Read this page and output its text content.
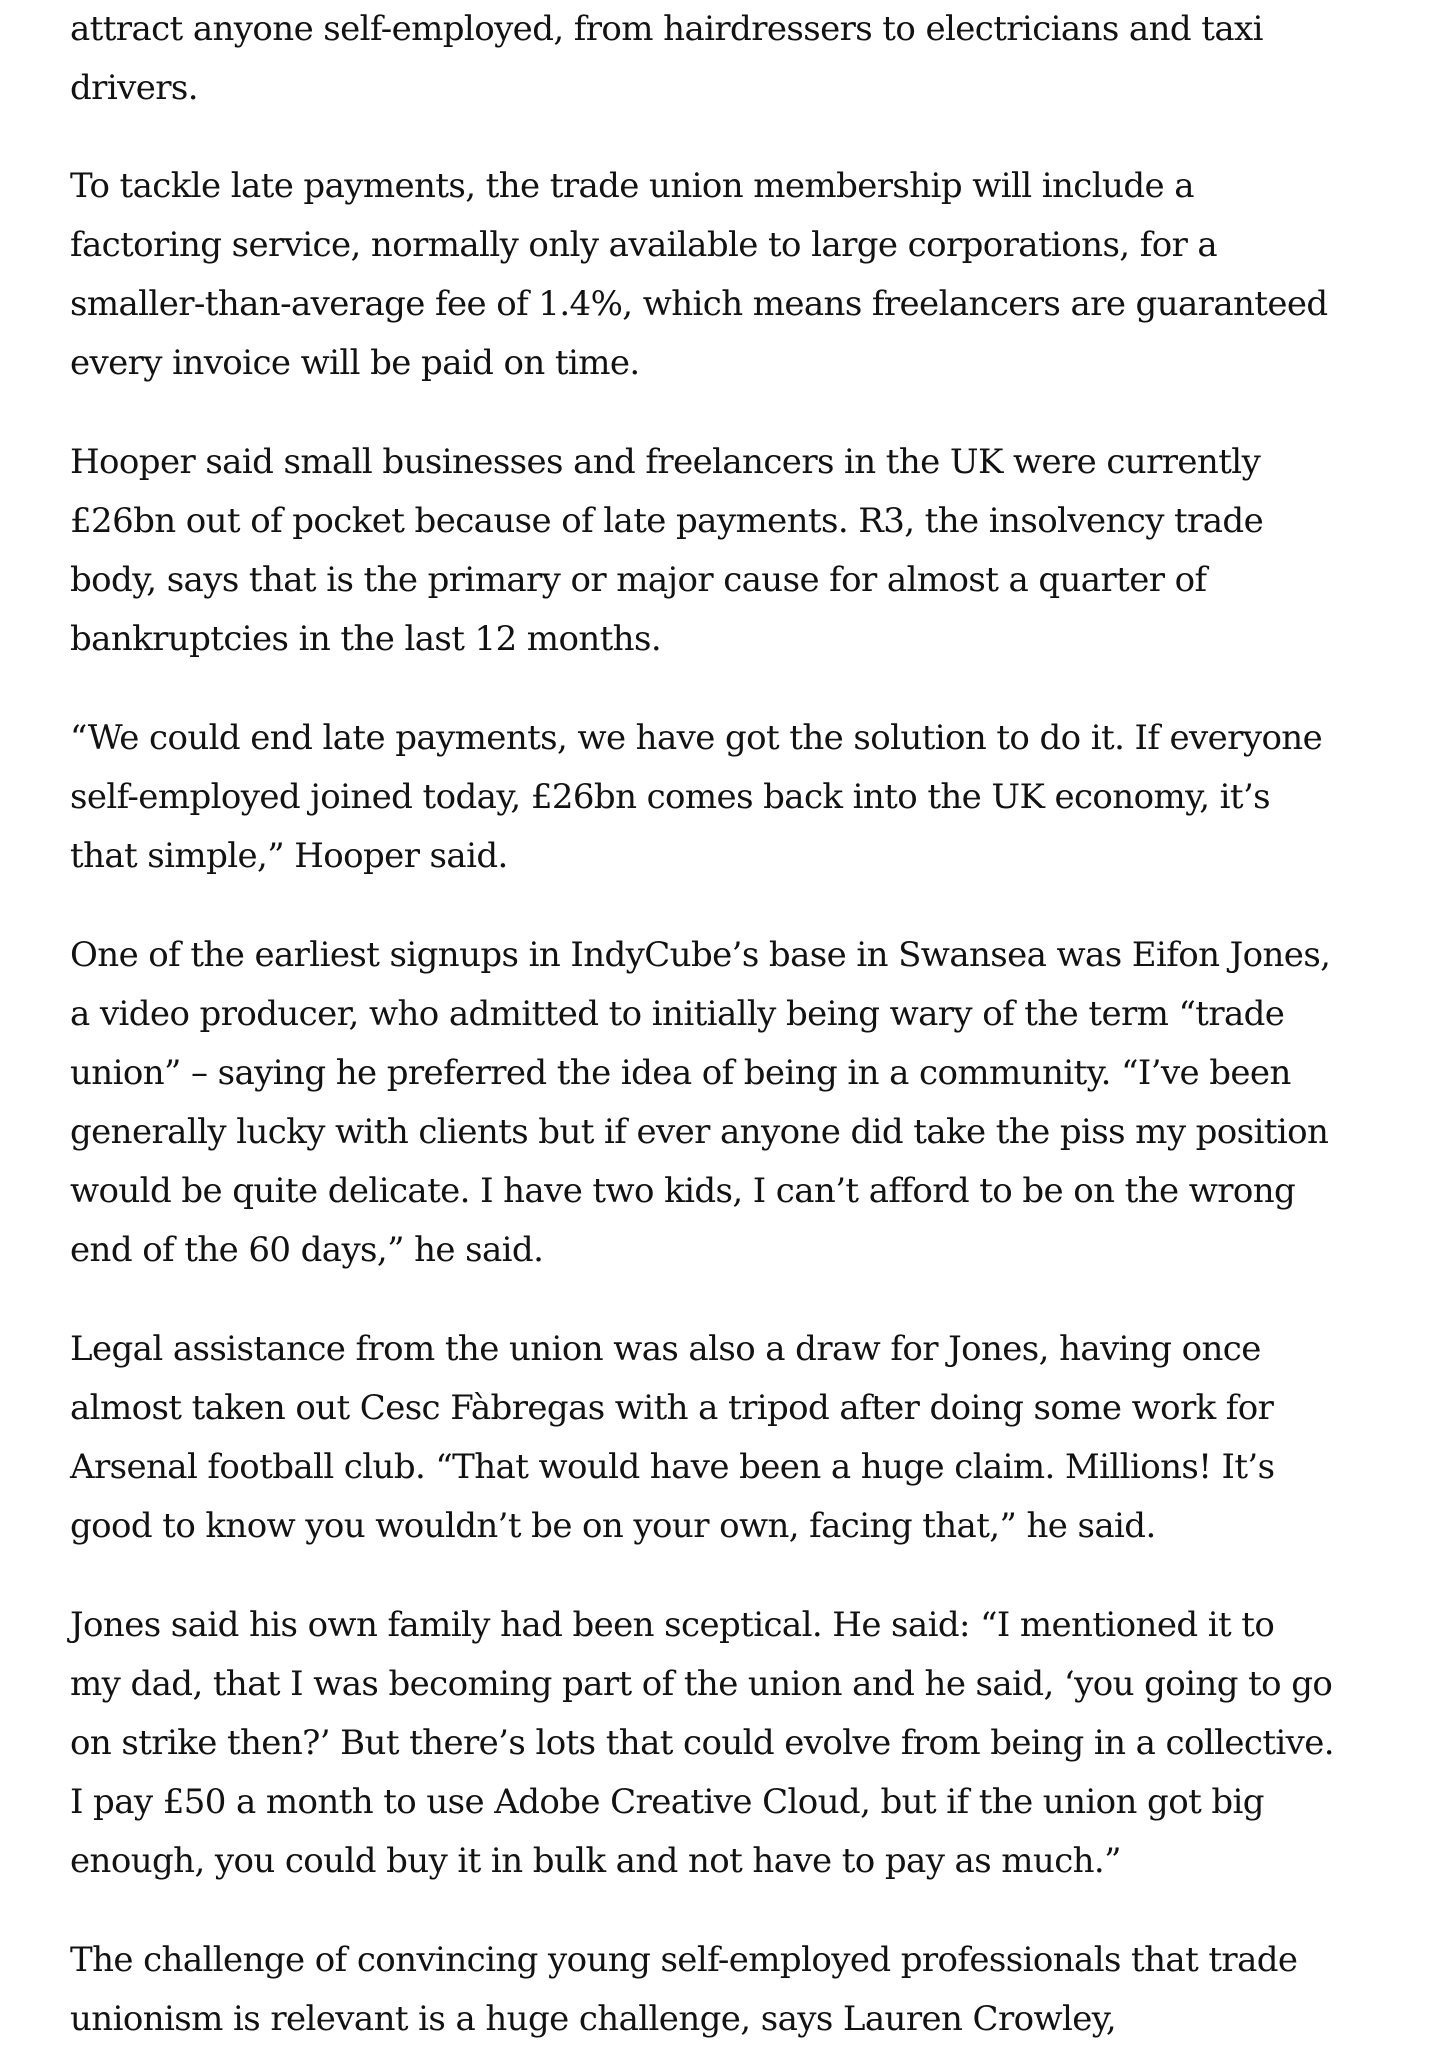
attract anyone self-employed, from hairdressers to electricians and taxi
drivers.

To tackle late payments, the trade union membership will include a
factoring service, normally only available to large corporations, for a
smaller-than-average fee of 1.4%, which means freelancers are guaranteed
every invoice will be paid on time.

Hooper said small businesses and freelancers in the UK were currently
£26bn out of pocket because of late payments. R3, the insolvency trade
body, says that is the primary or major cause for almost a quarter of
bankruptcies in the last 12 months.

“We could end late payments, we have got the solution to do it. If everyone
self-employed joined today, £26bn comes back into the UK economy, it’s
that simple,” Hooper said.

One of the earliest signups in IndyCube’s base in Swansea was Eifon Jones,
a video producer, who admitted to initially being wary of the term “trade
union” – saying he preferred the idea of being in a community. “I’ve been
generally lucky with clients but if ever anyone did take the piss my position
would be quite delicate. I have two kids, I can’t afford to be on the wrong
end of the 60 days,” he said.

Legal assistance from the union was also a draw for Jones, having once
almost taken out Cesc Fàbregas with a tripod after doing some work for
Arsenal football club. “That would have been a huge claim. Millions! It’s
good to know you wouldn’t be on your own, facing that,” he said.

Jones said his own family had been sceptical. He said: “I mentioned it to
my dad, that I was becoming part of the union and he said, ‘you going to go
on strike then?’ But there’s lots that could evolve from being in a collective.
I pay £50 a month to use Adobe Creative Cloud, but if the union got big
enough, you could buy it in bulk and not have to pay as much.”

The challenge of convincing young self-employed professionals that trade
unionism is relevant is a huge challenge, says Lauren Crowley,
